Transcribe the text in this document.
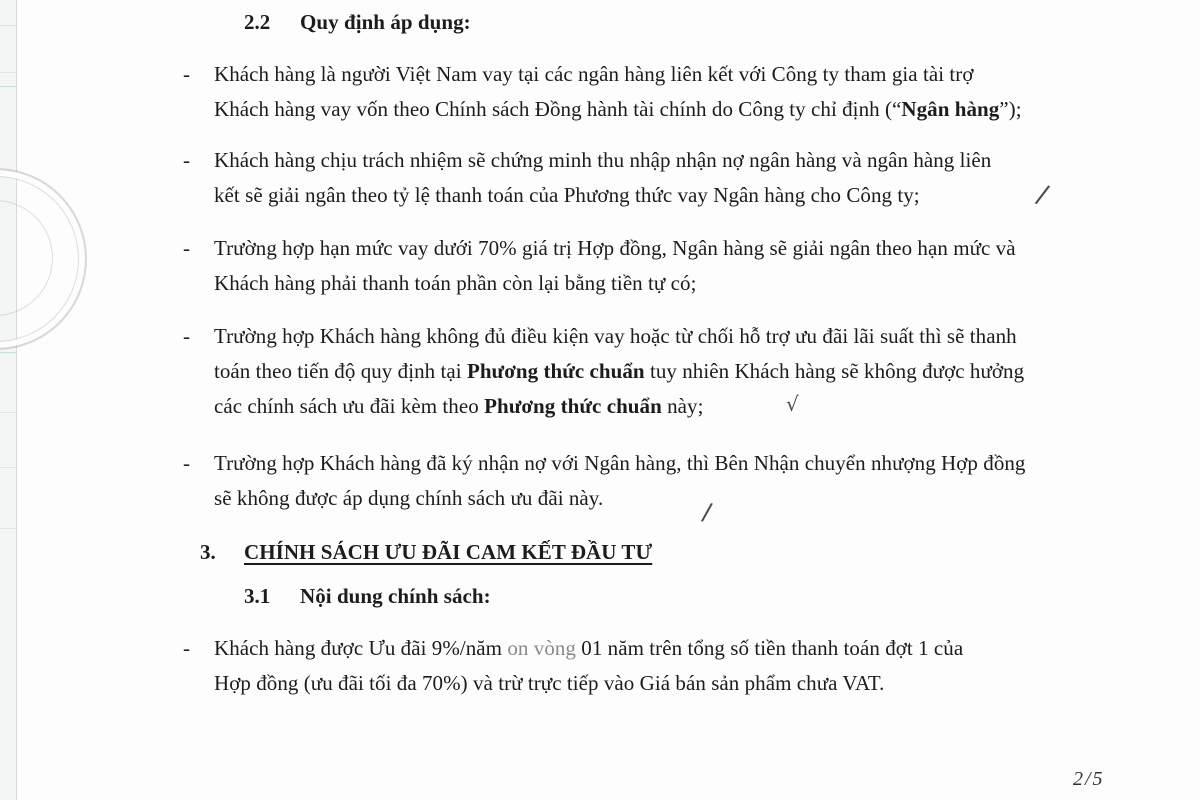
2.2 Quy định áp dụng:
- Khách hàng là người Việt Nam vay tại các ngân hàng liên kết với Công ty tham gia tài trợ
Khách hàng vay vốn theo Chính sách Đồng hành tài chính do Công ty chỉ định (“Ngân hàng”);
- Khách hàng chịu trách nhiệm sẽ chứng minh thu nhập nhận nợ ngân hàng và ngân hàng liên
kết sẽ giải ngân theo tỷ lệ thanh toán của Phương thức vay Ngân hàng cho Công ty;	/
- Trường hợp hạn mức vay dưới 70% giá trị Hợp đồng, Ngân hàng sẽ giải ngân theo hạn mức và
Khách hàng phải thanh toán phần còn lại bằng tiền tự có;
- Trường hợp Khách hàng không đủ điều kiện vay hoặc từ chối hỗ trợ ưu đãi lãi suất thì sẽ thanh
toán theo tiến độ quy định tại Phương thức chuẩn tuy nhiên Khách hàng sẽ không được hưởng
các chính sách ưu đãi kèm theo Phương thức chuẩn này;	√
- Trường hợp Khách hàng đã ký nhận nợ với Ngân hàng, thì Bên Nhận chuyển nhượng Hợp đồng
sẽ không được áp dụng chính sách ưu đãi này.	/
3. CHÍNH SÁCH ƯU ĐÃI CAM KẾT ĐẦU TƯ
3.1 Nội dung chính sách:
- Khách hàng được Ưu đãi 9%/năm on vòng 01 năm trên tổng số tiền thanh toán đợt 1 của
Hợp đồng (ưu đãi tối đa 70%) và trừ trực tiếp vào Giá bán sản phẩm chưa VAT.
2/5
